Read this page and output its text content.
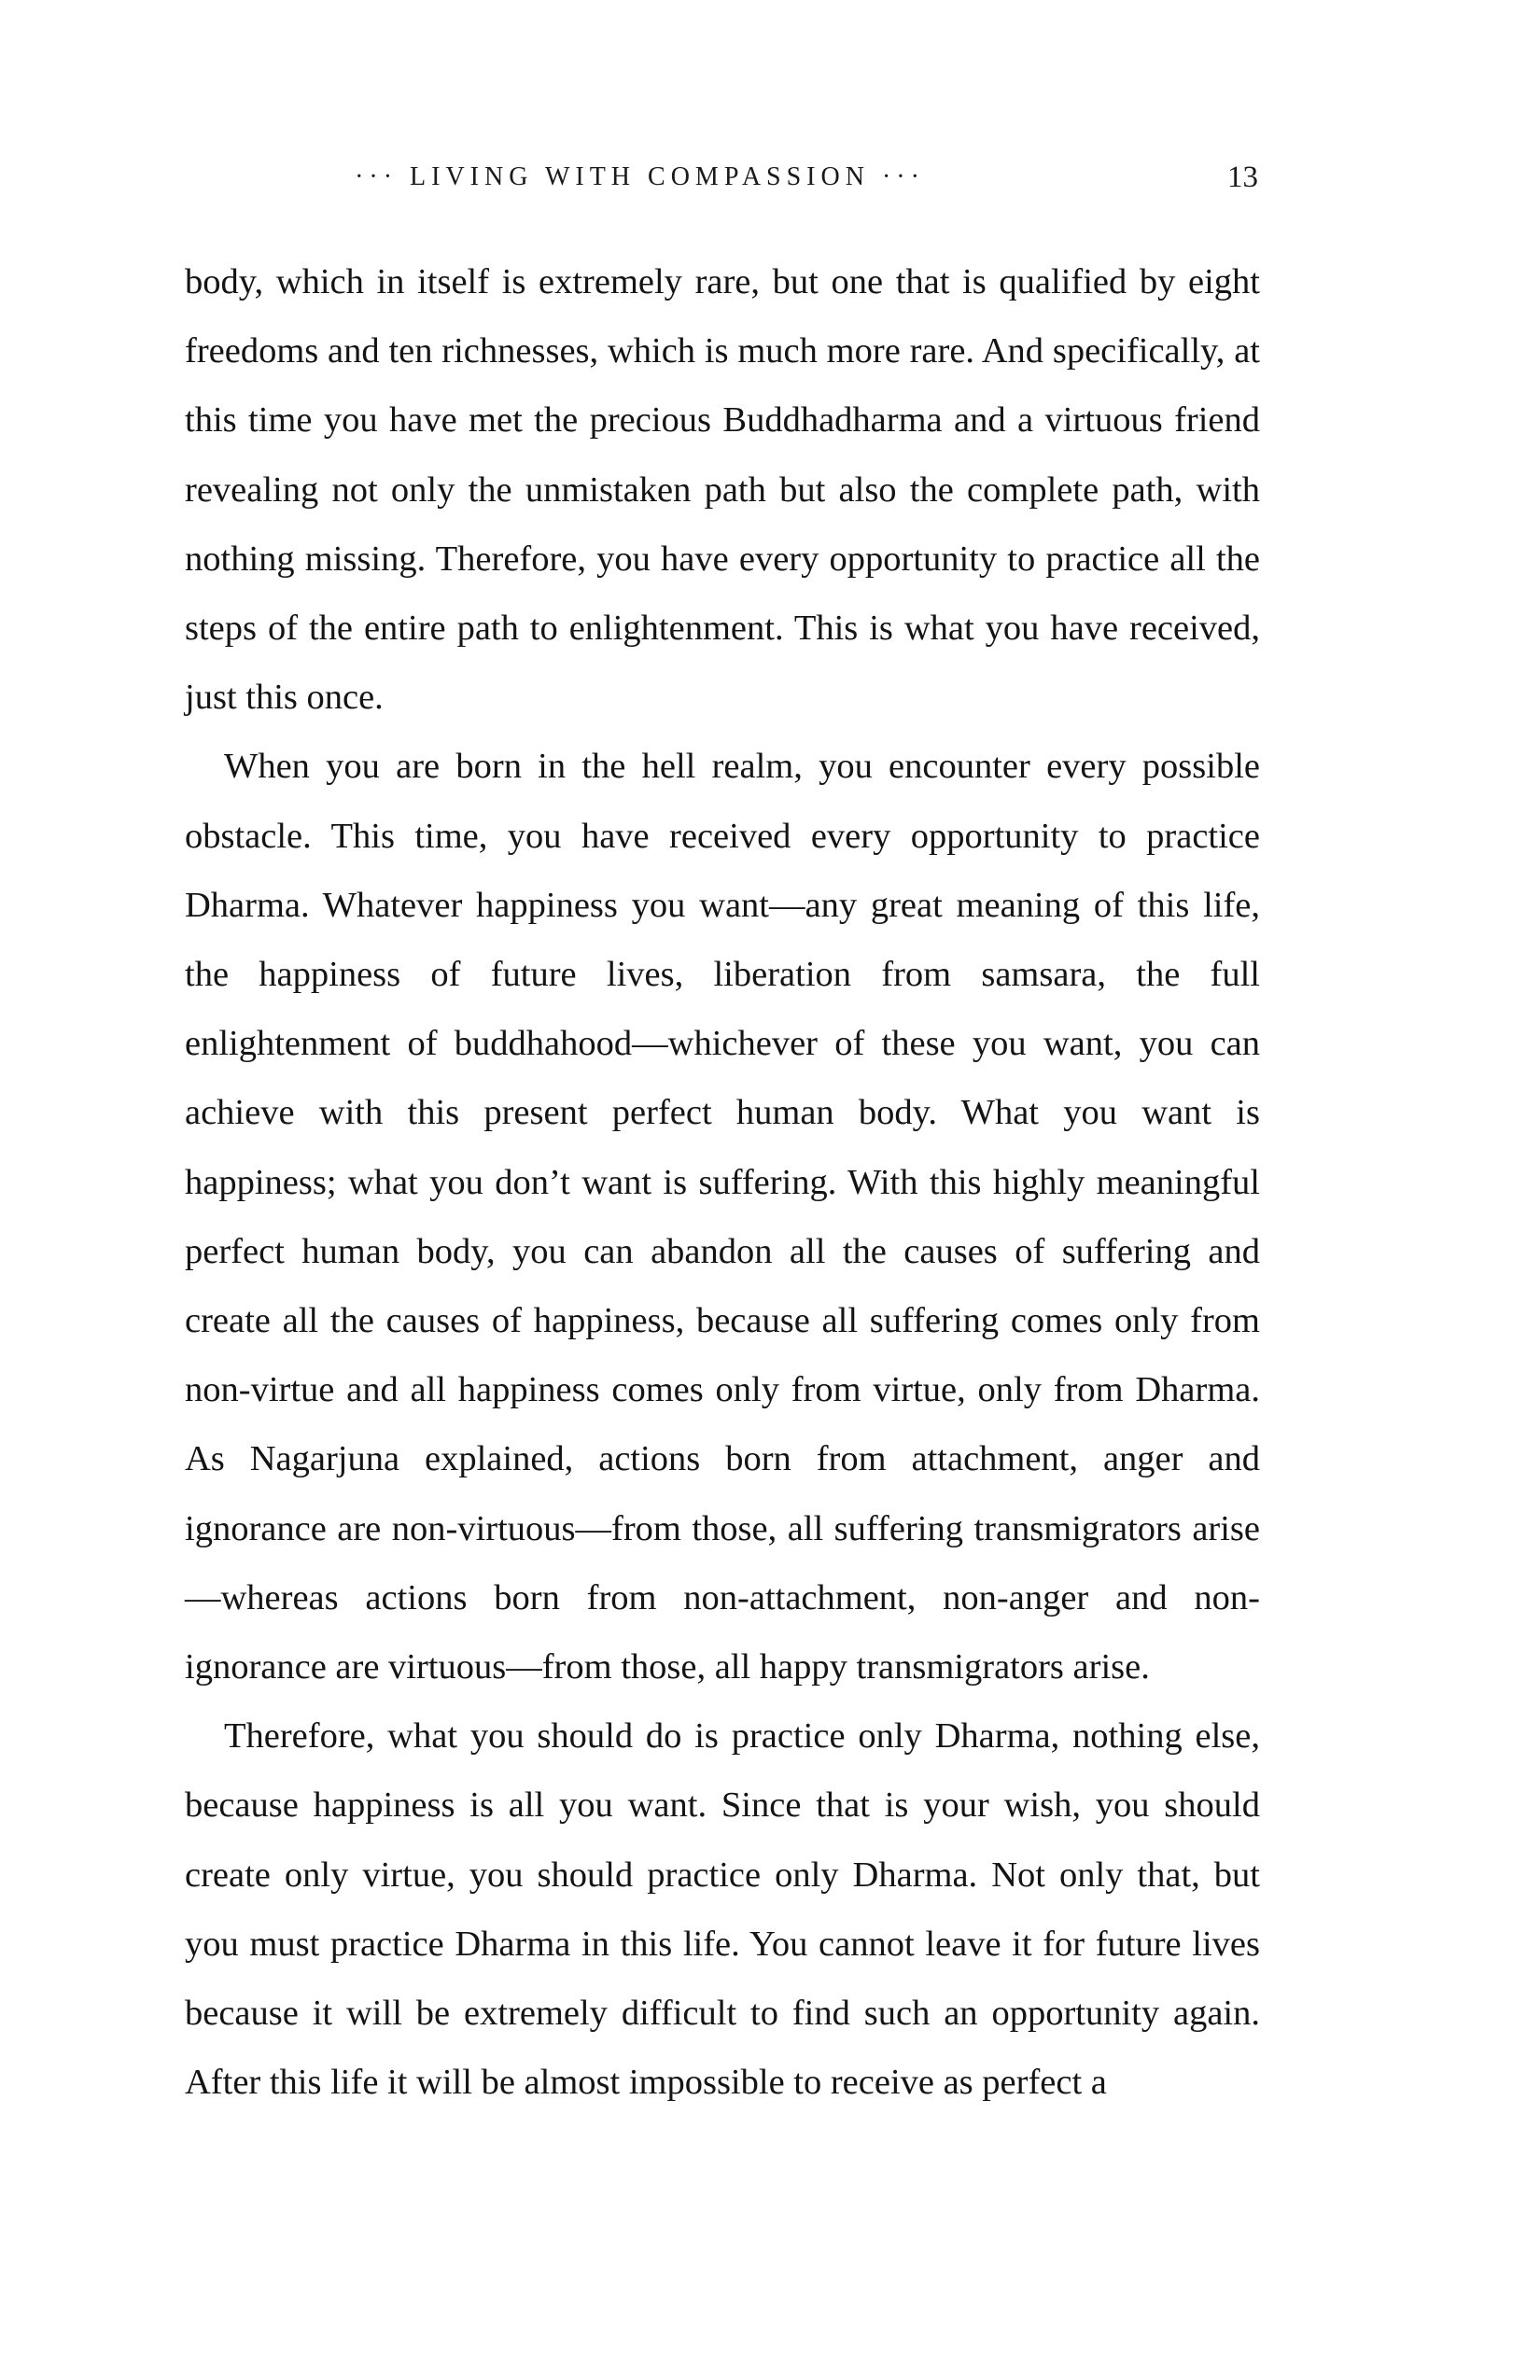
··· LIVING WITH COMPASSION ···	13

body, which in itself is extremely rare, but one that is qualified by eight freedoms and ten richnesses, which is much more rare. And specifically, at this time you have met the precious Buddhadharma and a virtuous friend revealing not only the unmistaken path but also the complete path, with nothing missing. Therefore, you have every opportunity to practice all the steps of the entire path to enlightenment. This is what you have received, just this once.

When you are born in the hell realm, you encounter every possible obstacle. This time, you have received every opportunity to practice Dharma. Whatever happiness you want—any great meaning of this life, the happiness of future lives, liberation from samsara, the full enlightenment of buddhahood—whichever of these you want, you can achieve with this present perfect human body. What you want is happiness; what you don’t want is suffering. With this highly meaningful perfect human body, you can abandon all the causes of suffering and create all the causes of happiness, because all suffering comes only from non-virtue and all happiness comes only from virtue, only from Dharma. As Nagarjuna explained, actions born from attachment, anger and ignorance are non-virtuous—from those, all suffering transmigrators arise —whereas actions born from non-attachment, non-anger and non-ignorance are virtuous—from those, all happy transmigrators arise.

Therefore, what you should do is practice only Dharma, nothing else, because happiness is all you want. Since that is your wish, you should create only virtue, you should practice only Dharma. Not only that, but you must practice Dharma in this life. You cannot leave it for future lives because it will be extremely difficult to find such an opportunity again. After this life it will be almost impossible to receive as perfect a
